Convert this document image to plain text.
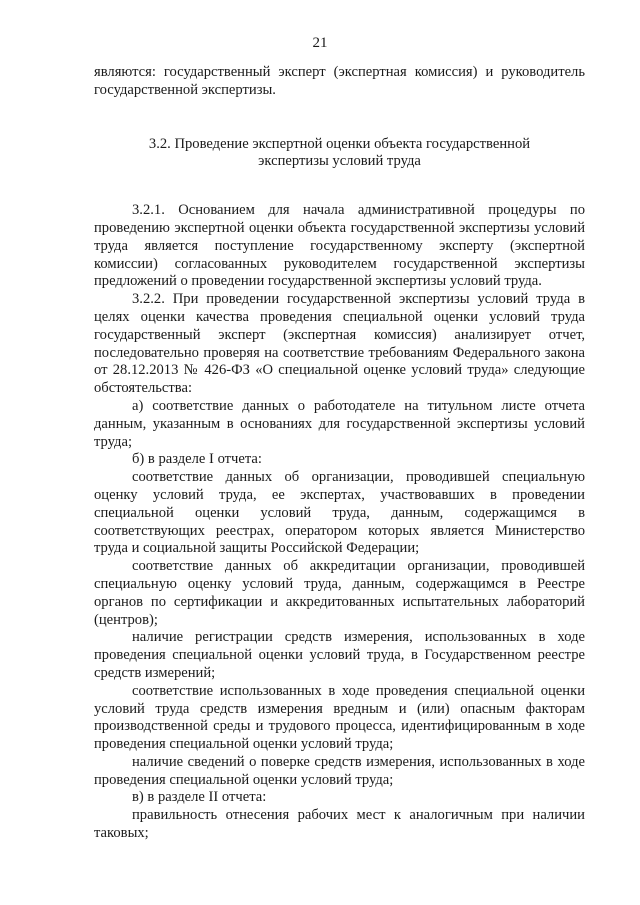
21

являются: государственный эксперт (экспертная комиссия) и руководитель государственной экспертизы.

3.2. Проведение экспертной оценки объекта государственной
экспертизы условий труда

3.2.1. Основанием для начала административной процедуры по проведению экспертной оценки объекта государственной экспертизы условий труда является поступление государственному эксперту (экспертной комиссии) согласованных руководителем государственной экспертизы предложений о проведении государственной экспертизы условий труда.

3.2.2. При проведении государственной экспертизы условий труда в целях оценки качества проведения специальной оценки условий труда государственный эксперт (экспертная комиссия) анализирует отчет, последовательно проверяя на соответствие требованиям Федерального закона от 28.12.2013 № 426-ФЗ «О специальной оценке условий труда» следующие обстоятельства:

а) соответствие данных о работодателе на титульном листе отчета данным, указанным в основаниях для государственной экспертизы условий труда;

б) в разделе I отчета:

соответствие данных об организации, проводившей специальную оценку условий труда, ее экспертах, участвовавших в проведении специальной оценки условий труда, данным, содержащимся в соответствующих реестрах, оператором которых является Министерство труда и социальной защиты Российской Федерации;

соответствие данных об аккредитации организации, проводившей специальную оценку условий труда, данным, содержащимся в Реестре органов по сертификации и аккредитованных испытательных лабораторий (центров);

наличие регистрации средств измерения, использованных в ходе проведения специальной оценки условий труда, в Государственном реестре средств измерений;

соответствие использованных в ходе проведения специальной оценки условий труда средств измерения вредным и (или) опасным факторам производственной среды и трудового процесса, идентифицированным в ходе проведения специальной оценки условий труда;

наличие сведений о поверке средств измерения, использованных в ходе проведения специальной оценки условий труда;

в) в разделе II отчета:

правильность отнесения рабочих мест к аналогичным при наличии таковых;
